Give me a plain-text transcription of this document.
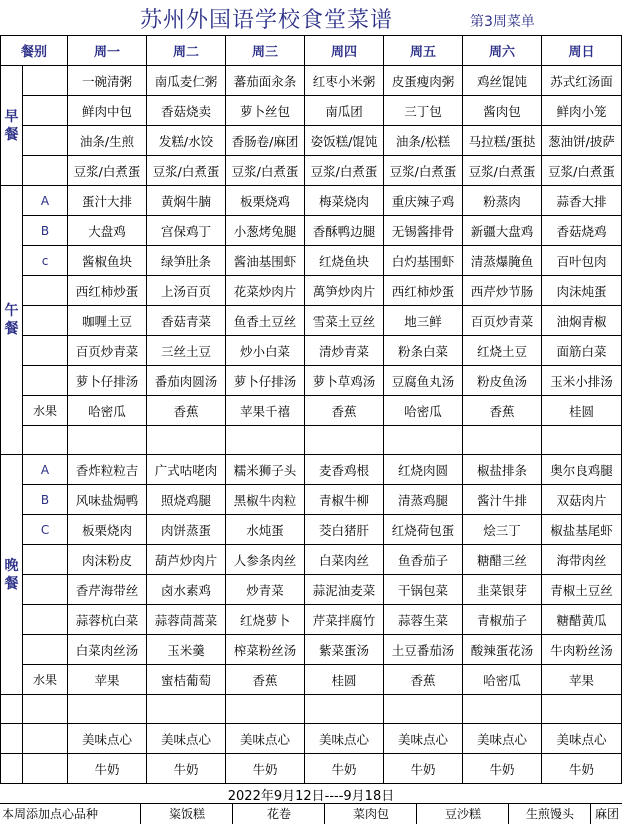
苏州外国语学校食堂菜谱	第3周菜单
餐别		周一	周二	周三	周四	周五	周六	周日

早
餐		一碗清粥	南瓜麦仁粥	蕃茄面汆条	红枣小米粥	皮蛋瘦肉粥	鸡丝馄饨	苏式红汤面
		鲜肉中包	香菇烧卖	萝卜丝包	南瓜团	三丁包	酱肉包	鲜肉小笼
		油条/生煎	发糕/水饺	香肠卷/麻团	姿饭糕/馄饨	油条/松糕	马拉糕/蛋挞	葱油饼/披萨
		豆浆/白煮蛋	豆浆/白煮蛋	豆浆/白煮蛋	豆浆/白煮蛋	豆浆/白煮蛋	豆浆/白煮蛋	豆浆/白煮蛋

午
餐	A	蛋汁大排	黄焖牛腩	板栗烧鸡	梅菜烧肉	重庆辣子鸡	粉蒸肉	蒜香大排
	B	大盘鸡	宫保鸡丁	小葱烤兔腿	香酥鸭边腿	无锡酱排骨	新疆大盘鸡	香菇烧鸡
	c	酱椒鱼块	绿笋肚条	酱油基围虾	红烧鱼块	白灼基围虾	清蒸爆腌鱼	百叶包肉
		西红柿炒蛋	上汤百页	花菜炒肉片	萬笋炒肉片	西红柿炒蛋	西芹炒节肠	肉沫炖蛋
		咖喱土豆	香菇青菜	鱼香土豆丝	雪菜土豆丝	地三鲜	百页炒青菜	油焖青椒
		百页炒青菜	三丝土豆	炒小白菜	清炒青菜	粉条白菜	红烧土豆	面筋白菜
		萝卜仔排汤	番茄肉圆汤	萝卜仔排汤	萝卜草鸡汤	豆腐鱼丸汤	粉皮鱼汤	玉米小排汤
	水果	哈密瓜	香蕉	苹果千禧	香蕉	哈密瓜	香蕉	桂圆

晚
餐	A	香炸粒粒吉	广式咕咾肉	糯米狮子头	麦香鸡根	红烧肉圆	椒盐排条	奥尔良鸡腿
	B	风味盐焗鸭	照烧鸡腿	黑椒牛肉粒	青椒牛柳	清蒸鸡腿	酱汁牛排	双菇肉片
	C	板栗烧肉	肉饼蒸蛋	水炖蛋	茭白猪肝	红烧荷包蛋	烩三丁	椒盐基尾虾
		肉沫粉皮	葫芦炒肉片	人参条肉丝	白菜肉丝	鱼香茄子	糖醋三丝	海带肉丝
		香芹海带丝	卤水素鸡	炒青菜	蒜泥油麦菜	干锅包菜	韭菜银芽	青椒土豆丝
		蒜蓉杭白菜	蒜蓉茼蒿菜	红烧萝卜	芹菜拌腐竹	蒜蓉生菜	青椒茄子	糖醋黄瓜
		白菜肉丝汤	玉米羹	榨菜粉丝汤	紫菜蛋汤	土豆番茄汤	酸辣蛋花汤	牛肉粉丝汤
	水果	苹果	蜜桔葡萄	香蕉	桂圆	香蕉	哈密瓜	苹果

		美味点心	美味点心	美味点心	美味点心	美味点心	美味点心	美味点心
		牛奶	牛奶	牛奶	牛奶	牛奶	牛奶	牛奶
2022年9月12日----9月18日
本周添加点心品种	粢饭糕	花卷	菜肉包	豆沙糕	生煎馒头	麻团
